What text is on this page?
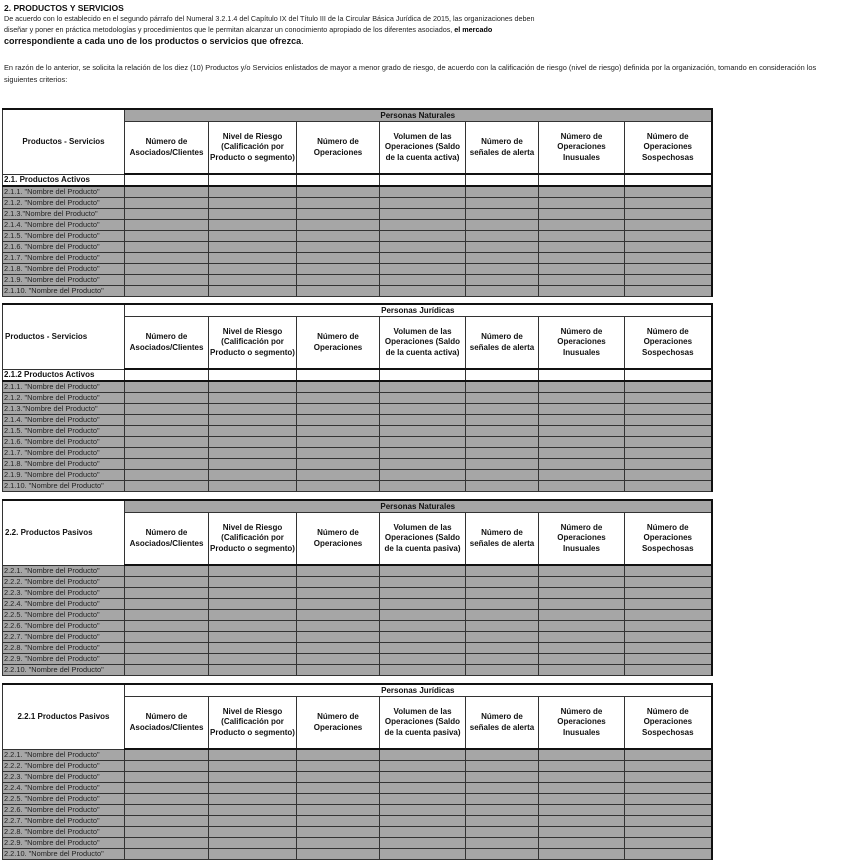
2. PRODUCTOS Y SERVICIOS
De acuerdo con lo establecido en el segundo párrafo del Numeral 3.2.1.4 del Capítulo IX del Título III de la Circular Básica Jurídica de 2015, las organizaciones deben
diseñar y poner en práctica metodologías y procedimientos que le permitan alcanzar un conocimiento apropiado de los diferentes asociados, el mercado
correspondiente a cada uno de los productos o servicios que ofrezca.
En razón de lo anterior, se solicita la relación de los diez (10) Productos y/o Servicios enlistados de mayor a menor grado de riesgo, de acuerdo con la calificación de riesgo (nivel de riesgo) definida por la organización, tomando en consideración los siguientes criterios:
Productos - Servicios	Personas Naturales						
	Número de Asociados/Clientes	Nivel de Riesgo (Calificación por Producto o segmento)	Número de Operaciones	Volumen de las Operaciones (Saldo de la cuenta activa)	Número de señales de alerta	Número de Operaciones Inusuales	Número de Operaciones Sospechosas
2.1. Productos Activos							
2.1.1. "Nombre del Producto"							
2.1.2. "Nombre del Producto"							
2.1.3."Nombre del Producto"							
2.1.4. "Nombre del Producto"							
2.1.5. "Nombre del Producto"							
2.1.6. "Nombre del Producto"							
2.1.7. "Nombre del Producto"							
2.1.8. "Nombre del Producto"							
2.1.9. "Nombre del Producto"							
2.1.10. "Nombre del Producto"							
Productos - Servicios	Personas Jurídicas						
	Número de Asociados/Clientes	Nivel de Riesgo (Calificación por Producto o segmento)	Número de Operaciones	Volumen de las Operaciones (Saldo de la cuenta activa)	Número de señales de alerta	Número de Operaciones Inusuales	Número de Operaciones Sospechosas
2.1.2 Productos Activos							
2.1.1. "Nombre del Producto"							
2.1.2. "Nombre del Producto"							
2.1.3."Nombre del Producto"							
2.1.4. "Nombre del Producto"							
2.1.5. "Nombre del Producto"							
2.1.6. "Nombre del Producto"							
2.1.7. "Nombre del Producto"							
2.1.8. "Nombre del Producto"							
2.1.9. "Nombre del Producto"							
2.1.10. "Nombre del Producto"							
2.2. Productos Pasivos	Personas Naturales						
	Número de Asociados/Clientes	Nivel de Riesgo (Calificación por Producto o segmento)	Número de Operaciones	Volumen de las Operaciones (Saldo de la cuenta pasiva)	Número de señales de alerta	Número de Operaciones Inusuales	Número de Operaciones Sospechosas
2.2.1. "Nombre del Producto"							
2.2.2. "Nombre del Producto"							
2.2.3. "Nombre del Producto"							
2.2.4. "Nombre del Producto"							
2.2.5. "Nombre del Producto"							
2.2.6. "Nombre del Producto"							
2.2.7. "Nombre del Producto"							
2.2.8. "Nombre del Producto"							
2.2.9. "Nombre del Producto"							
2.2.10. "Nombre del Producto"							
2.2.1 Productos Pasivos	Personas Jurídicas						
	Número de Asociados/Clientes	Nivel de Riesgo (Calificación por Producto o segmento)	Número de Operaciones	Volumen de las Operaciones (Saldo de la cuenta pasiva)	Número de señales de alerta	Número de Operaciones Inusuales	Número de Operaciones Sospechosas
2.2.1. "Nombre del Producto"							
2.2.2. "Nombre del Producto"							
2.2.3. "Nombre del Producto"							
2.2.4. "Nombre del Producto"							
2.2.5. "Nombre del Producto"							
2.2.6. "Nombre del Producto"							
2.2.7. "Nombre del Producto"							
2.2.8. "Nombre del Producto"							
2.2.9. "Nombre del Producto"							
2.2.10. "Nombre del Producto"							
